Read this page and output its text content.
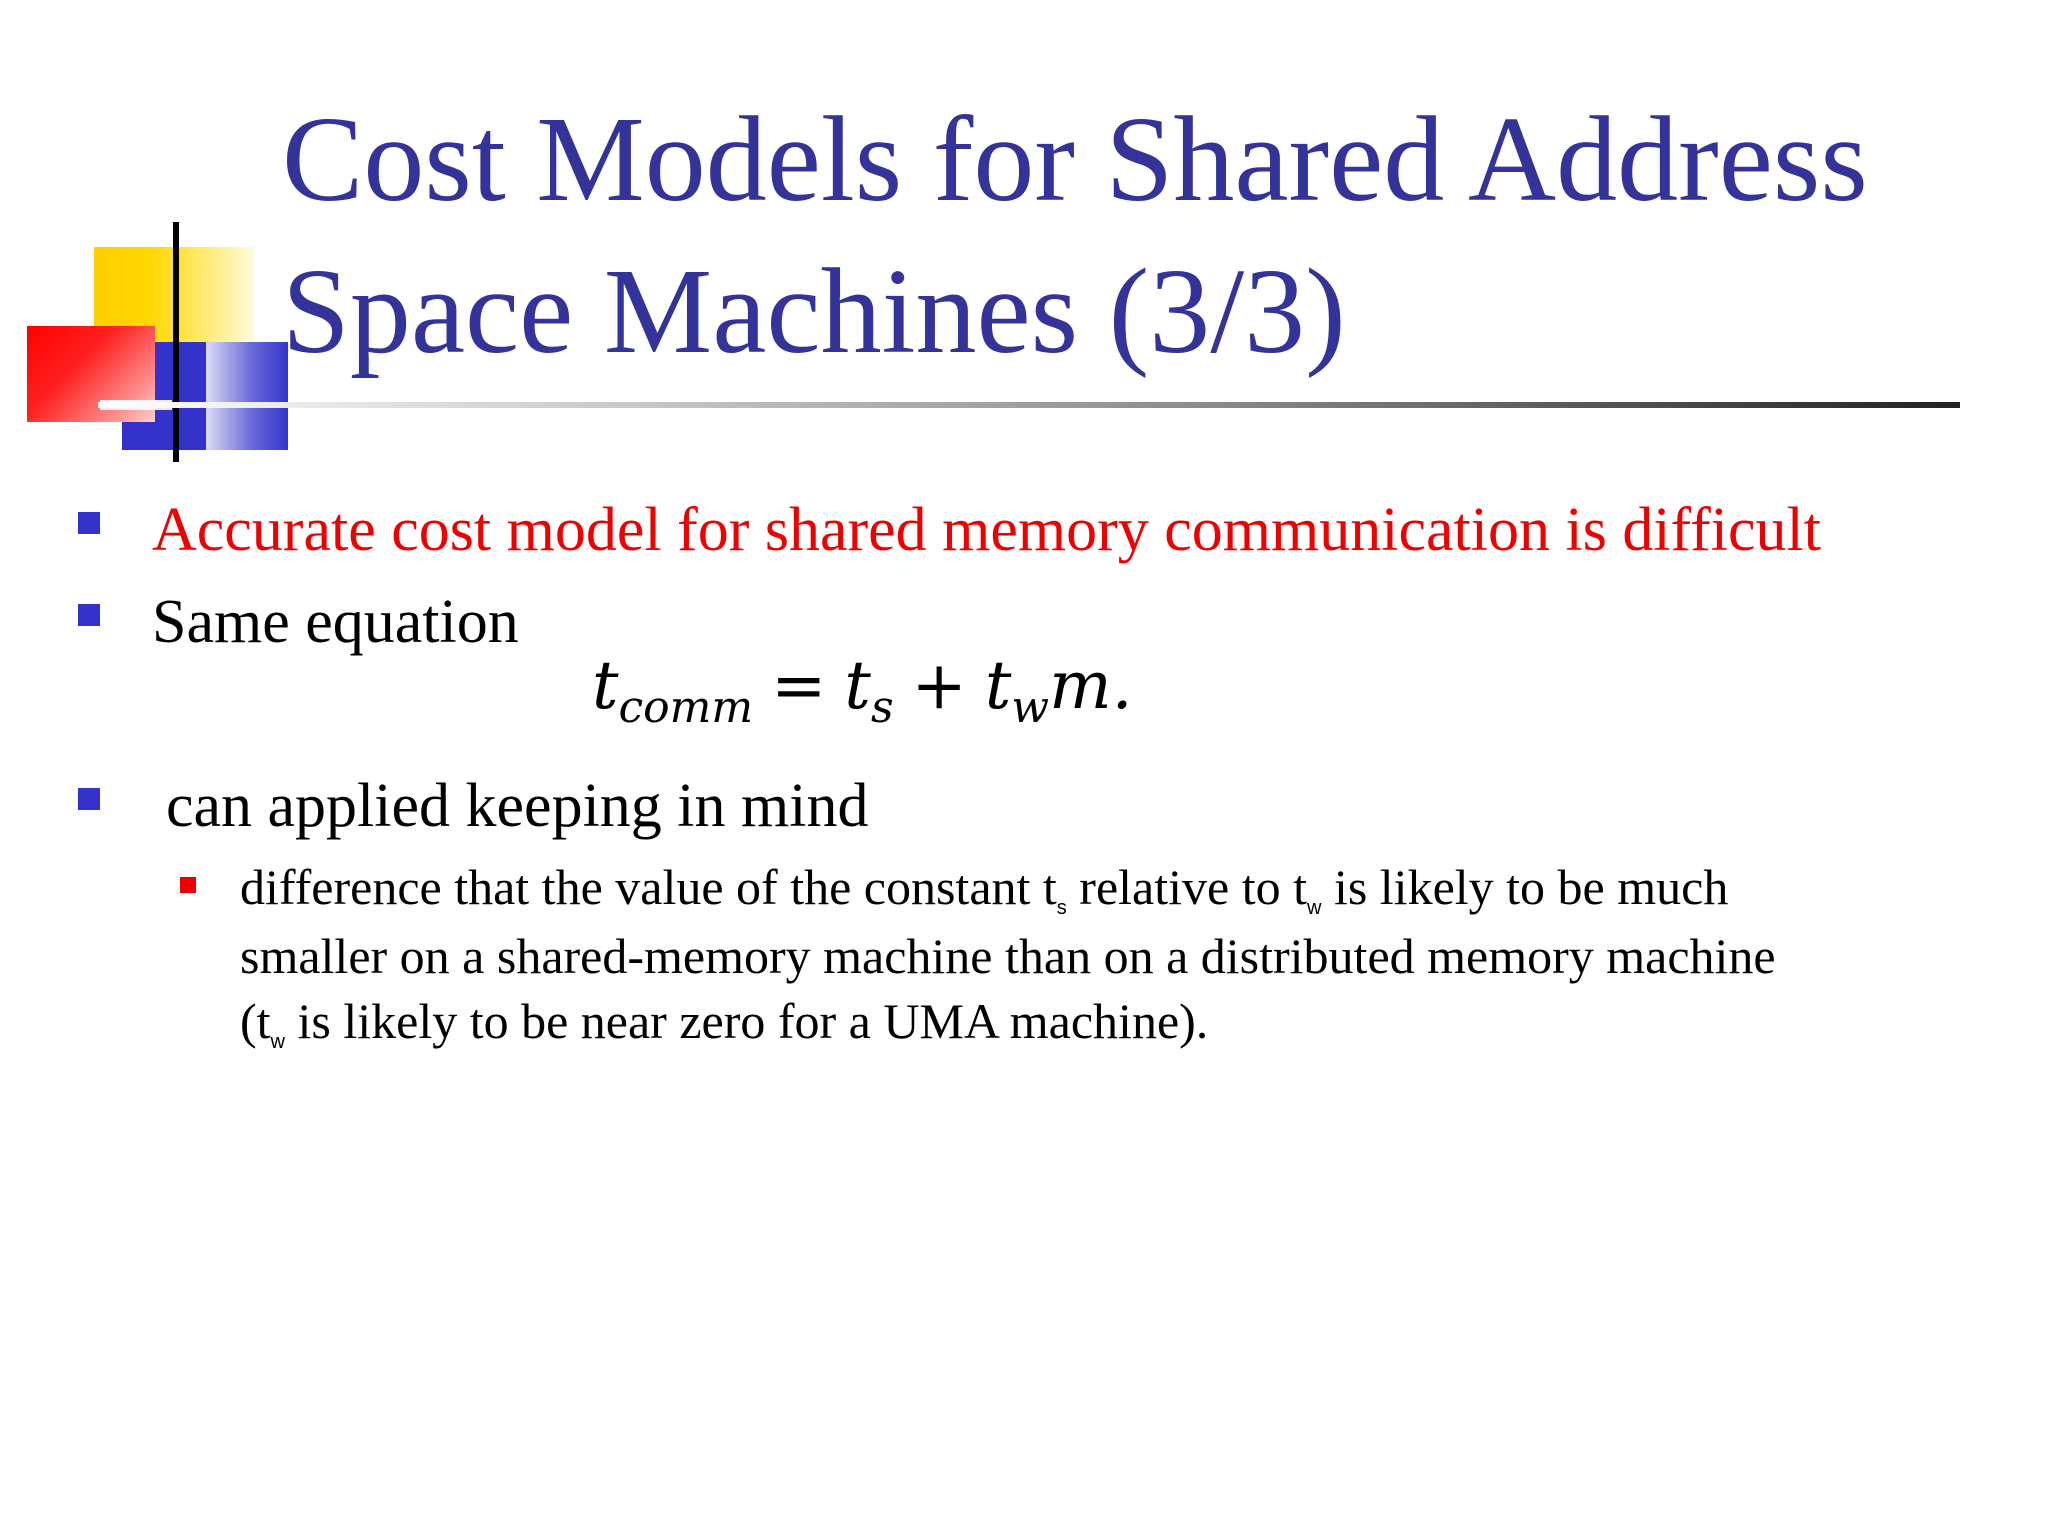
Cost Models for Shared Address
Space Machines (3/3)

Accurate cost model for shared memory communication is difficult

Same equation

$t_{comm} = t_s + t_wm$.

can applied keeping in mind

difference that the value of the constant $t_s$ relative to $t_w$ is likely to be much

smaller on a shared-memory machine than on a distributed memory machine

($t_w$ is likely to be near zero for a UMA machine).
